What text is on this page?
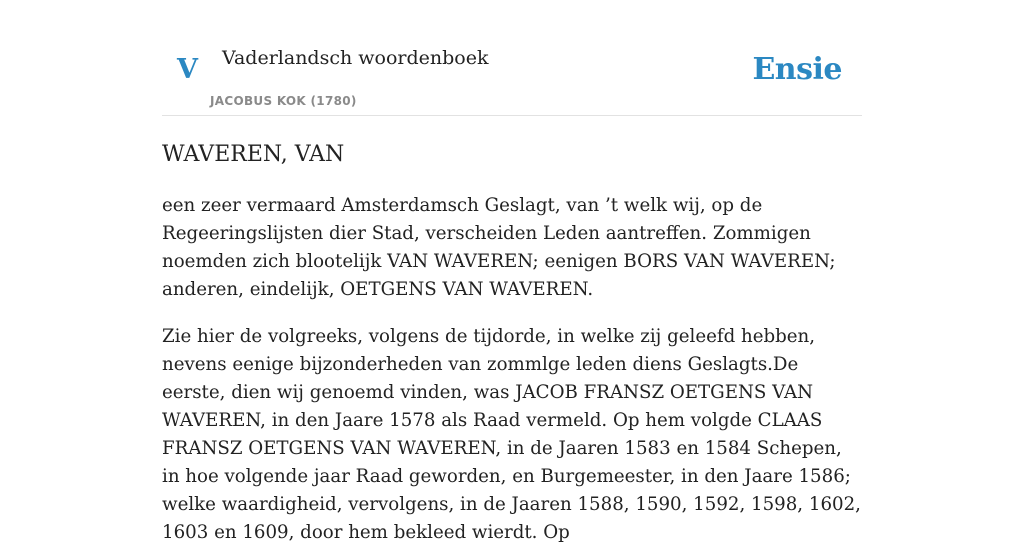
V Vaderlandsch woordenboek
JACOBUS KOK (1780)
Ensie
WAVEREN, VAN

een zeer vermaard Amsterdamsch Geslagt, van ’t welk wij, op de Regeeringslijsten dier Stad, verscheiden Leden aantreffen. Zommigen noemden zich blootelijk VAN WAVEREN; eenigen BORS VAN WAVEREN; anderen, eindelijk, OETGENS VAN WAVEREN.

Zie hier de volgreeks, volgens de tijdorde, in welke zij geleefd hebben, nevens eenige bijzonderheden van zommlge leden diens Geslagts.De eerste, dien wij genoemd vinden, was JACOB FRANSZ OETGENS VAN WAVEREN, in den Jaare 1578 als Raad vermeld. Op hem volgde CLAAS FRANSZ OETGENS VAN WAVEREN, in de Jaaren 1583 en 1584 Schepen, in hoe volgende jaar Raad geworden, en Burgemeester, in den Jaare 1586; welke waardigheid, vervolgens, in de Jaaren 1588, 1590, 1592, 1598, 1602, 1603 en 1609, door hem bekleed wierdt. Op
